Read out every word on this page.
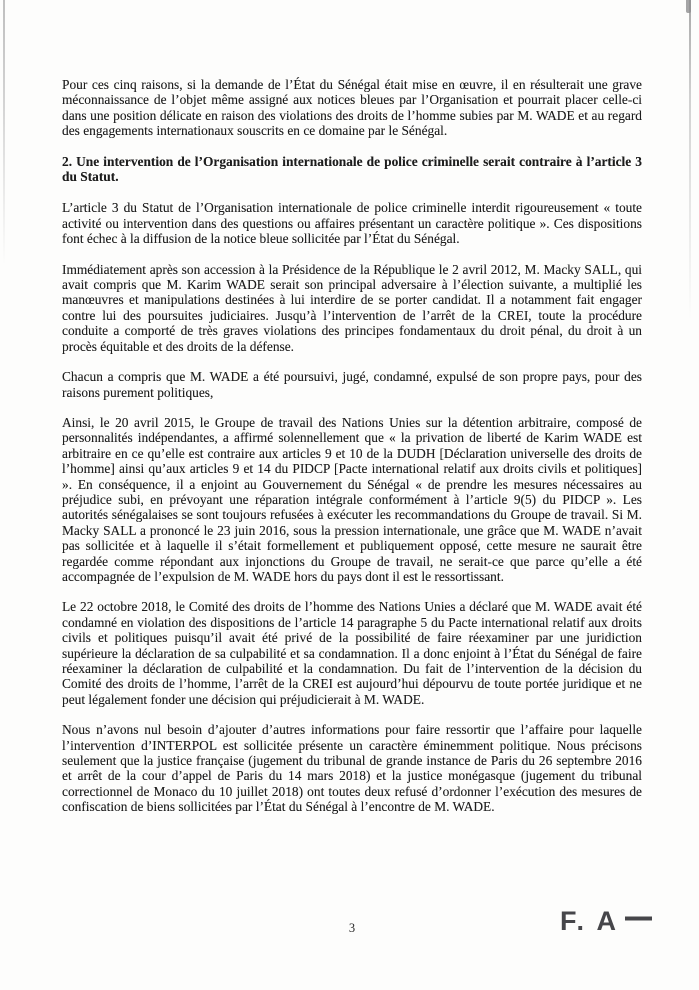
Pour ces cinq raisons, si la demande de l’État du Sénégal était mise en œuvre, il en résulterait une grave méconnaissance de l’objet même assigné aux notices bleues par l’Organisation et pourrait placer celle-ci dans une position délicate en raison des violations des droits de l’homme subies par M. WADE et au regard des engagements internationaux souscrits en ce domaine par le Sénégal.

2. Une intervention de l’Organisation internationale de police criminelle serait contraire à l’article 3 du Statut.

L’article 3 du Statut de l’Organisation internationale de police criminelle interdit rigoureusement « toute activité ou intervention dans des questions ou affaires présentant un caractère politique ». Ces dispositions font échec à la diffusion de la notice bleue sollicitée par l’État du Sénégal.

Immédiatement après son accession à la Présidence de la République le 2 avril 2012, M. Macky SALL, qui avait compris que M. Karim WADE serait son principal adversaire à l’élection suivante, a multiplié les manœuvres et manipulations destinées à lui interdire de se porter candidat. Il a notamment fait engager contre lui des poursuites judiciaires. Jusqu’à l’intervention de l’arrêt de la CREI, toute la procédure conduite a comporté de très graves violations des principes fondamentaux du droit pénal, du droit à un procès équitable et des droits de la défense.

Chacun a compris que M. WADE a été poursuivi, jugé, condamné, expulsé de son propre pays, pour des raisons purement politiques,

Ainsi, le 20 avril 2015, le Groupe de travail des Nations Unies sur la détention arbitraire, composé de personnalités indépendantes, a affirmé solennellement que « la privation de liberté de Karim WADE est arbitraire en ce qu’elle est contraire aux articles 9 et 10 de la DUDH [Déclaration universelle des droits de l’homme] ainsi qu’aux articles 9 et 14 du PIDCP [Pacte international relatif aux droits civils et politiques] ». En conséquence, il a enjoint au Gouvernement du Sénégal « de prendre les mesures nécessaires au préjudice subi, en prévoyant une réparation intégrale conformément à l’article 9(5) du PIDCP ». Les autorités sénégalaises se sont toujours refusées à exécuter les recommandations du Groupe de travail. Si M. Macky SALL a prononcé le 23 juin 2016, sous la pression internationale, une grâce que M. WADE n’avait pas sollicitée et à laquelle il s’était formellement et publiquement opposé, cette mesure ne saurait être regardée comme répondant aux injonctions du Groupe de travail, ne serait-ce que parce qu’elle a été accompagnée de l’expulsion de M. WADE hors du pays dont il est le ressortissant.

Le 22 octobre 2018, le Comité des droits de l’homme des Nations Unies a déclaré que M. WADE avait été condamné en violation des dispositions de l’article 14 paragraphe 5 du Pacte international relatif aux droits civils et politiques puisqu’il avait été privé de la possibilité de faire réexaminer par une juridiction supérieure la déclaration de sa culpabilité et sa condamnation. Il a donc enjoint à l’État du Sénégal de faire réexaminer la déclaration de culpabilité et la condamnation. Du fait de l’intervention de la décision du Comité des droits de l’homme, l’arrêt de la CREI est aujourd’hui dépourvu de toute portée juridique et ne peut légalement fonder une décision qui préjudicierait à M. WADE.

Nous n’avons nul besoin d’ajouter d’autres informations pour faire ressortir que l’affaire pour laquelle l’intervention d’INTERPOL est sollicitée présente un caractère éminemment politique. Nous précisons seulement que la justice française (jugement du tribunal de grande instance de Paris du 26 septembre 2016 et arrêt de la cour d’appel de Paris du 14 mars 2018) et la justice monégasque (jugement du tribunal correctionnel de Monaco du 10 juillet 2018) ont toutes deux refusé d’ordonner l’exécution des mesures de confiscation de biens sollicitées par l’État du Sénégal à l’encontre de M. WADE.

3	F. A —
